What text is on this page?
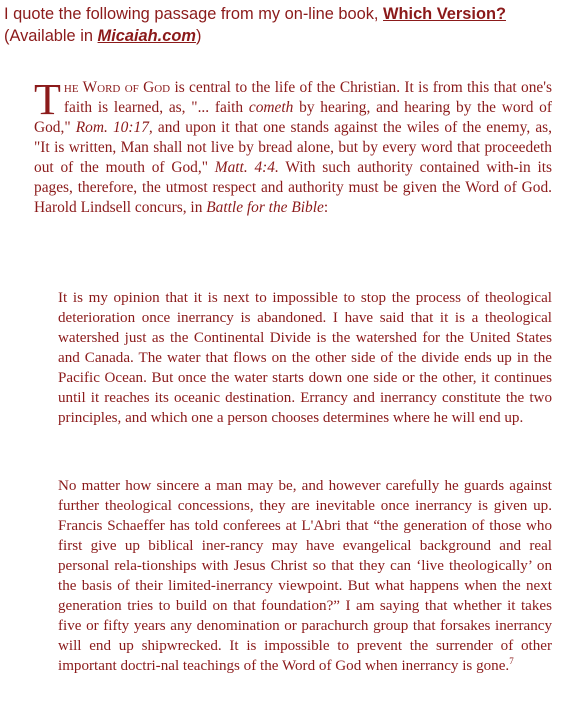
I quote the following passage from my on-line book, Which Version?
(Available in Micaiah.com)
The Word of God is central to the life of the Christian. It is from this that one's faith is learned, as, "... faith cometh by hearing, and hearing by the word of God," Rom. 10:17, and upon it that one stands against the wiles of the enemy, as, "It is written, Man shall not live by bread alone, but by every word that proceedeth out of the mouth of God," Matt. 4:4. With such authority contained with-in its pages, therefore, the utmost respect and authority must be given the Word of God. Harold Lindsell concurs, in Battle for the Bible:

It is my opinion that it is next to impossible to stop the process of theological deterioration once inerrancy is abandoned. I have said that it is a theological watershed just as the Continental Divide is the watershed for the United States and Canada. The water that flows on the other side of the divide ends up in the Pacific Ocean. But once the water starts down one side or the other, it continues until it reaches its oceanic destination. Errancy and inerrancy constitute the two principles, and which one a person chooses determines where he will end up.

No matter how sincere a man may be, and however carefully he guards against further theological concessions, they are inevitable once inerrancy is given up. Francis Schaeffer has told conferees at L'Abri that “the generation of those who first give up biblical iner-rancy may have evangelical background and real personal rela-tionships with Jesus Christ so that they can ‘live theologically’ on the basis of their limited-inerrancy viewpoint. But what happens when the next generation tries to build on that foundation?” I am saying that whether it takes five or fifty years any denomination or parachurch group that forsakes inerrancy will end up shipwrecked. It is impossible to prevent the surrender of other important doctri-nal teachings of the Word of God when inerrancy is gone.$^7$
